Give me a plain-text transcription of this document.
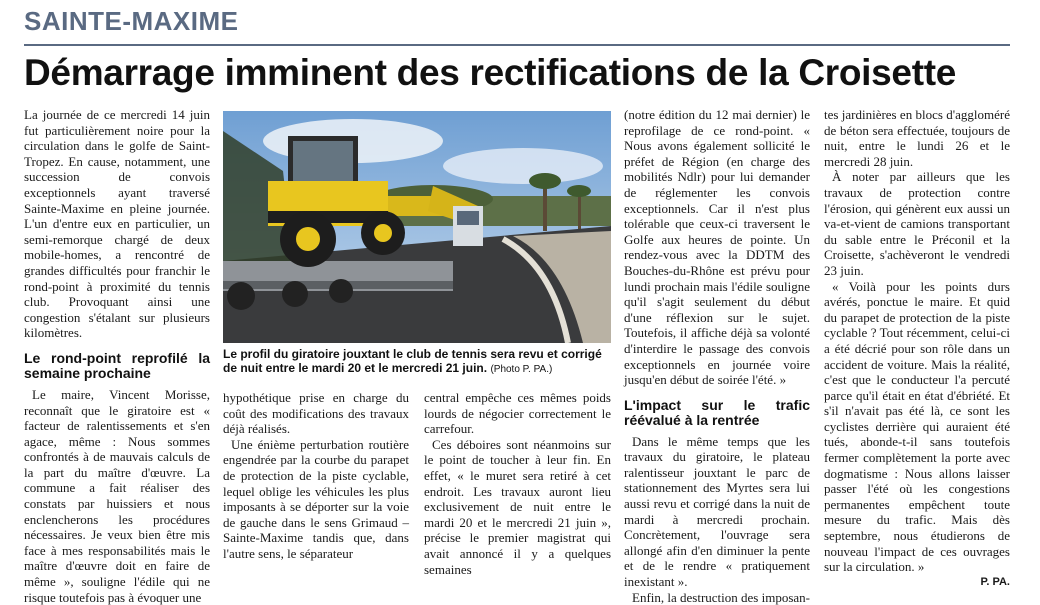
SAINTE-MAXIME
Démarrage imminent des rectifications de la Croisette

La journée de ce mercredi 14 juin fut particulièrement noire pour la circulation dans le golfe de Saint-Tropez. En cause, notamment, une succession de convois exceptionnels ayant traversé Sainte-Maxime en pleine journée. L'un d'entre eux en particulier, un semi-remorque chargé de deux mobile-homes, a rencontré de grandes difficultés pour franchir le rond-point à proximité du tennis club. Provoquant ainsi une congestion s'étalant sur plusieurs kilomètres.

Le rond-point reprofilé la semaine prochaine

Le maire, Vincent Morisse, reconnaît que le giratoire est « facteur de ralentissements et s'en agace, même : Nous sommes confrontés à de mauvais calculs de la part du maître d'œuvre. La commune a fait réaliser des constats par huissiers et nous enclencherons les procédures nécessaires. Je veux bien être mis face à mes responsabilités mais le maître d'œuvre doit en faire de même », souligne l'édile qui ne risque toutefois pas à évoquer une

Le profil du giratoire jouxtant le club de tennis sera revu et corrigé de nuit entre le mardi 20 et le mercredi 21 juin. (Photo P. PA.)

hypothétique prise en charge du coût des modifications des travaux déjà réalisés.

Une énième perturbation routière engendrée par la courbe du parapet de protection de la piste cyclable, lequel oblige les véhicules les plus imposants à se déporter sur la voie de gauche dans le sens Grimaud – Sainte-Maxime tandis que, dans l'autre sens, le séparateur

central empêche ces mêmes poids lourds de négocier correctement le carrefour.

Ces déboires sont néanmoins sur le point de toucher à leur fin. En effet, « le muret sera retiré à cet endroit. Les travaux auront lieu exclusivement de nuit entre le mardi 20 et le mercredi 21 juin », précise le premier magistrat qui avait annoncé il y a quelques semaines

(notre édition du 12 mai dernier) le reprofilage de ce rond-point. « Nous avons également sollicité le préfet de Région (en charge des mobilités Ndlr) pour lui demander de réglementer les convois exceptionnels. Car il n'est plus tolérable que ceux-ci traversent le Golfe aux heures de pointe. Un rendez-vous avec la DDTM des Bouches-du-Rhône est prévu pour lundi prochain mais l'édile souligne qu'il s'agit seulement du début d'une réflexion sur le sujet. Toutefois, il affiche déjà sa volonté d'interdire le passage des convois exceptionnels en journée voire jusqu'en début de soirée l'été. »

L'impact sur le trafic réévalué à la rentrée

Dans le même temps que les travaux du giratoire, le plateau ralentisseur jouxtant le parc de stationnement des Myrtes sera lui aussi revu et corrigé dans la nuit de mardi à mercredi prochain. Concrètement, l'ouvrage sera allongé afin d'en diminuer la pente et de le rendre « pratiquement inexistant ».

Enfin, la destruction des imposan-

tes jardinières en blocs d'aggloméré de béton sera effectuée, toujours de nuit, entre le lundi 26 et le mercredi 28 juin.

À noter par ailleurs que les travaux de protection contre l'érosion, qui génèrent eux aussi un va-et-vient de camions transportant du sable entre le Préconil et la Croisette, s'achèveront le vendredi 23 juin.

« Voilà pour les points durs avérés, ponctue le maire. Et quid du parapet de protection de la piste cyclable ? Tout récemment, celui-ci a été décrié pour son rôle dans un accident de voiture. Mais la réalité, c'est que le conducteur l'a percuté parce qu'il était en état d'ébriété. Et s'il n'avait pas été là, ce sont les cyclistes derrière qui auraient été tués, abonde-t-il sans toutefois fermer complètement la porte avec dogmatisme : Nous allons laisser passer l'été où les congestions permanentes empêchent toute mesure du trafic. Mais dès septembre, nous étudierons de nouveau l'impact de ces ouvrages sur la circulation. »

P. PA.
